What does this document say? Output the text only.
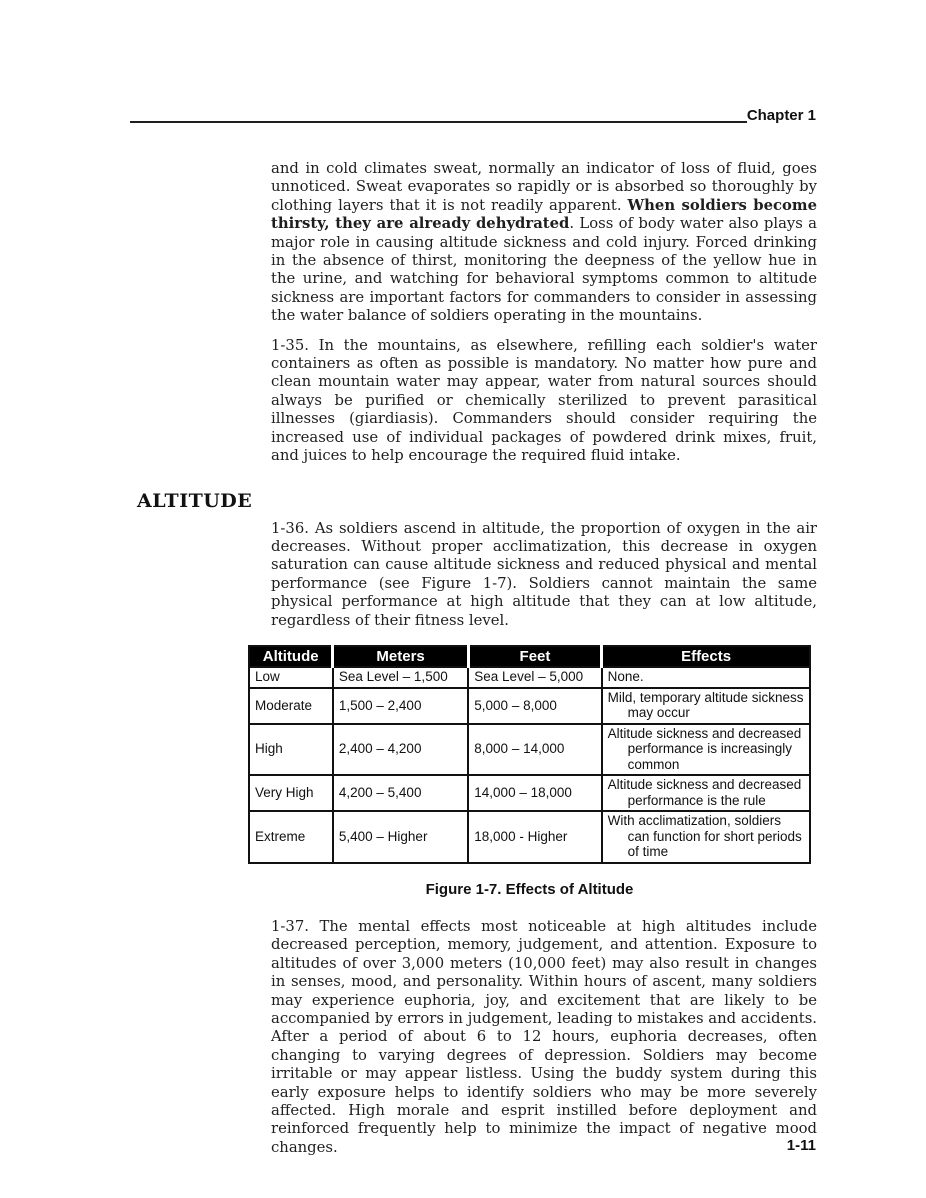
Chapter 1

and in cold climates sweat, normally an indicator of loss of fluid, goes unnoticed. Sweat evaporates so rapidly or is absorbed so thoroughly by clothing layers that it is not readily apparent. When soldiers become thirsty, they are already dehydrated. Loss of body water also plays a major role in causing altitude sickness and cold injury. Forced drinking in the absence of thirst, monitoring the deepness of the yellow hue in the urine, and watching for behavioral symptoms common to altitude sickness are important factors for commanders to consider in assessing the water balance of soldiers operating in the mountains.

1-35. In the mountains, as elsewhere, refilling each soldier's water containers as often as possible is mandatory. No matter how pure and clean mountain water may appear, water from natural sources should always be purified or chemically sterilized to prevent parasitical illnesses (giardiasis). Commanders should consider requiring the increased use of individual packages of powdered drink mixes, fruit, and juices to help encourage the required fluid intake.

ALTITUDE

1-36. As soldiers ascend in altitude, the proportion of oxygen in the air decreases. Without proper acclimatization, this decrease in oxygen saturation can cause altitude sickness and reduced physical and mental performance (see Figure 1-7). Soldiers cannot maintain the same physical performance at high altitude that they can at low altitude, regardless of their fitness level.

Altitude	Meters	Feet	Effects
Low	Sea Level – 1,500	Sea Level – 5,000	None.
Moderate	1,500 – 2,400	5,000 – 8,000	Mild, temporary altitude sickness may occur
High	2,400 – 4,200	8,000 – 14,000	Altitude sickness and decreased performance is increasingly common
Very High	4,200 – 5,400	14,000 – 18,000	Altitude sickness and decreased performance is the rule
Extreme	5,400 – Higher	18,000 - Higher	With acclimatization, soldiers can function for short periods of time
Figure 1-7. Effects of Altitude

1-37. The mental effects most noticeable at high altitudes include decreased perception, memory, judgement, and attention. Exposure to altitudes of over 3,000 meters (10,000 feet) may also result in changes in senses, mood, and personality. Within hours of ascent, many soldiers may experience euphoria, joy, and excitement that are likely to be accompanied by errors in judgement, leading to mistakes and accidents. After a period of about 6 to 12 hours, euphoria decreases, often changing to varying degrees of depression. Soldiers may become irritable or may appear listless. Using the buddy system during this early exposure helps to identify soldiers who may be more severely affected. High morale and esprit instilled before deployment and reinforced frequently help to minimize the impact of negative mood changes.	1-11
